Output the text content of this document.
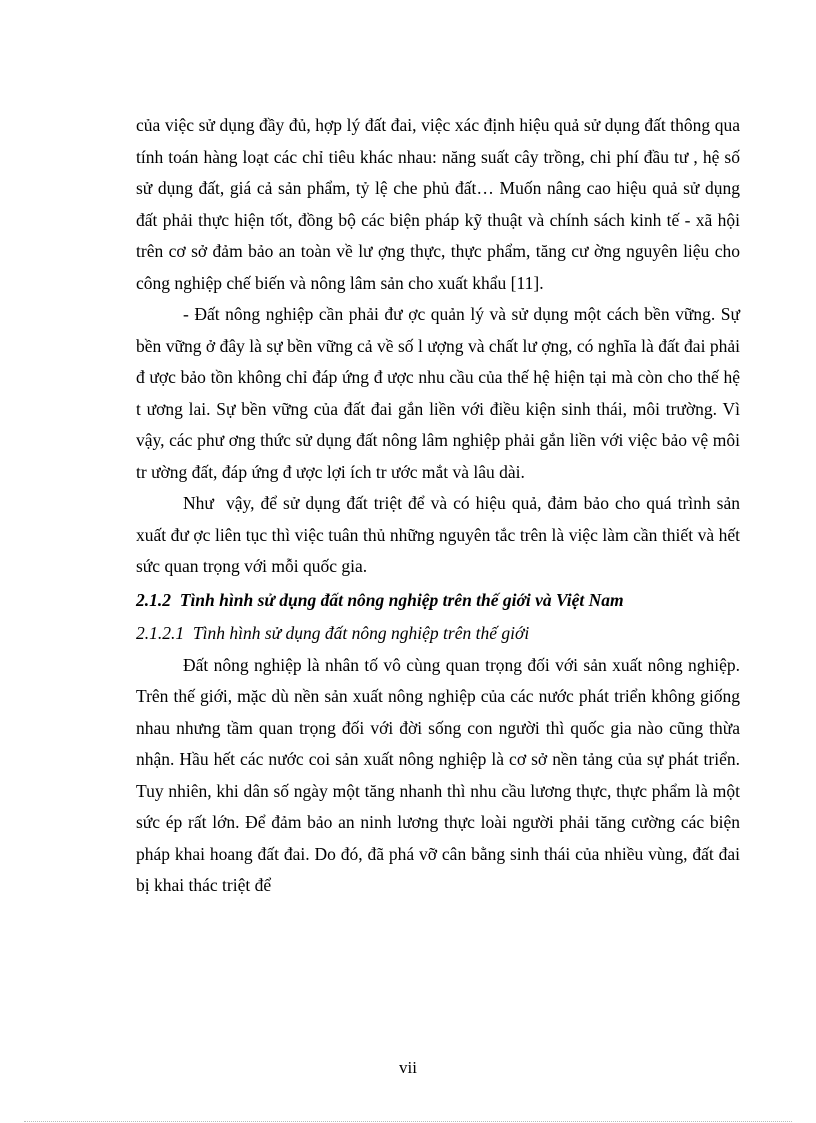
của việc sử dụng đầy đủ, hợp lý đất đai, việc xác định hiệu quả sử dụng đất thông qua tính toán hàng loạt các chỉ tiêu khác nhau: năng suất cây trồng, chi phí đầu tư , hệ số sử dụng đất, giá cả sản phẩm, tỷ lệ che phủ đất… Muốn nâng cao hiệu quả sử dụng đất phải thực hiện tốt, đồng bộ các biện pháp kỹ thuật và chính sách kinh tế - xã hội trên cơ sở đảm bảo an toàn về lư ợng thực, thực phẩm, tăng cư ờng nguyên liệu cho công nghiệp chế biến và nông lâm sản cho xuất khẩu [11].

- Đất nông nghiệp cần phải đư ợc quản lý và sử dụng một cách bền vững. Sự bền vững ở đây là sự bền vững cả về số l ượng và chất lư ợng, có nghĩa là đất đai phải đ ược bảo tồn không chỉ đáp ứng đ ược nhu cầu của thế hệ hiện tại mà còn cho thế hệ t ương lai. Sự bền vững của đất đai gắn liền với điều kiện sinh thái, môi trường. Vì vậy, các phư ơng thức sử dụng đất nông lâm nghiệp phải gắn liền với việc bảo vệ môi tr ường đất, đáp ứng đ ược lợi ích tr ước mắt và lâu dài.

Như  vậy, để sử dụng đất triệt để và có hiệu quả, đảm bảo cho quá trình sản xuất đư ợc liên tục thì việc tuân thủ những nguyên tắc trên là việc làm cần thiết và hết sức quan trọng với mỗi quốc gia.

2.1.2  Tình hình sử dụng đất nông nghiệp trên thế giới và Việt Nam
2.1.2.1  Tình hình sử dụng đất nông nghiệp trên thế giới

Đất nông nghiệp là nhân tố vô cùng quan trọng đối với sản xuất nông nghiệp. Trên thế giới, mặc dù nền sản xuất nông nghiệp của các nước phát triển không giống nhau nhưng tầm quan trọng đối với đời sống con người thì quốc gia nào cũng thừa nhận. Hầu hết các nước coi sản xuất nông nghiệp là cơ sở nền tảng của sự phát triển. Tuy nhiên, khi dân số ngày một tăng nhanh thì nhu cầu lương thực, thực phẩm là một sức ép rất lớn. Để đảm bảo an ninh lương thực loài người phải tăng cường các biện pháp khai hoang đất đai. Do đó, đã phá vỡ cân bằng sinh thái của nhiều vùng, đất đai bị khai thác triệt để

vii
